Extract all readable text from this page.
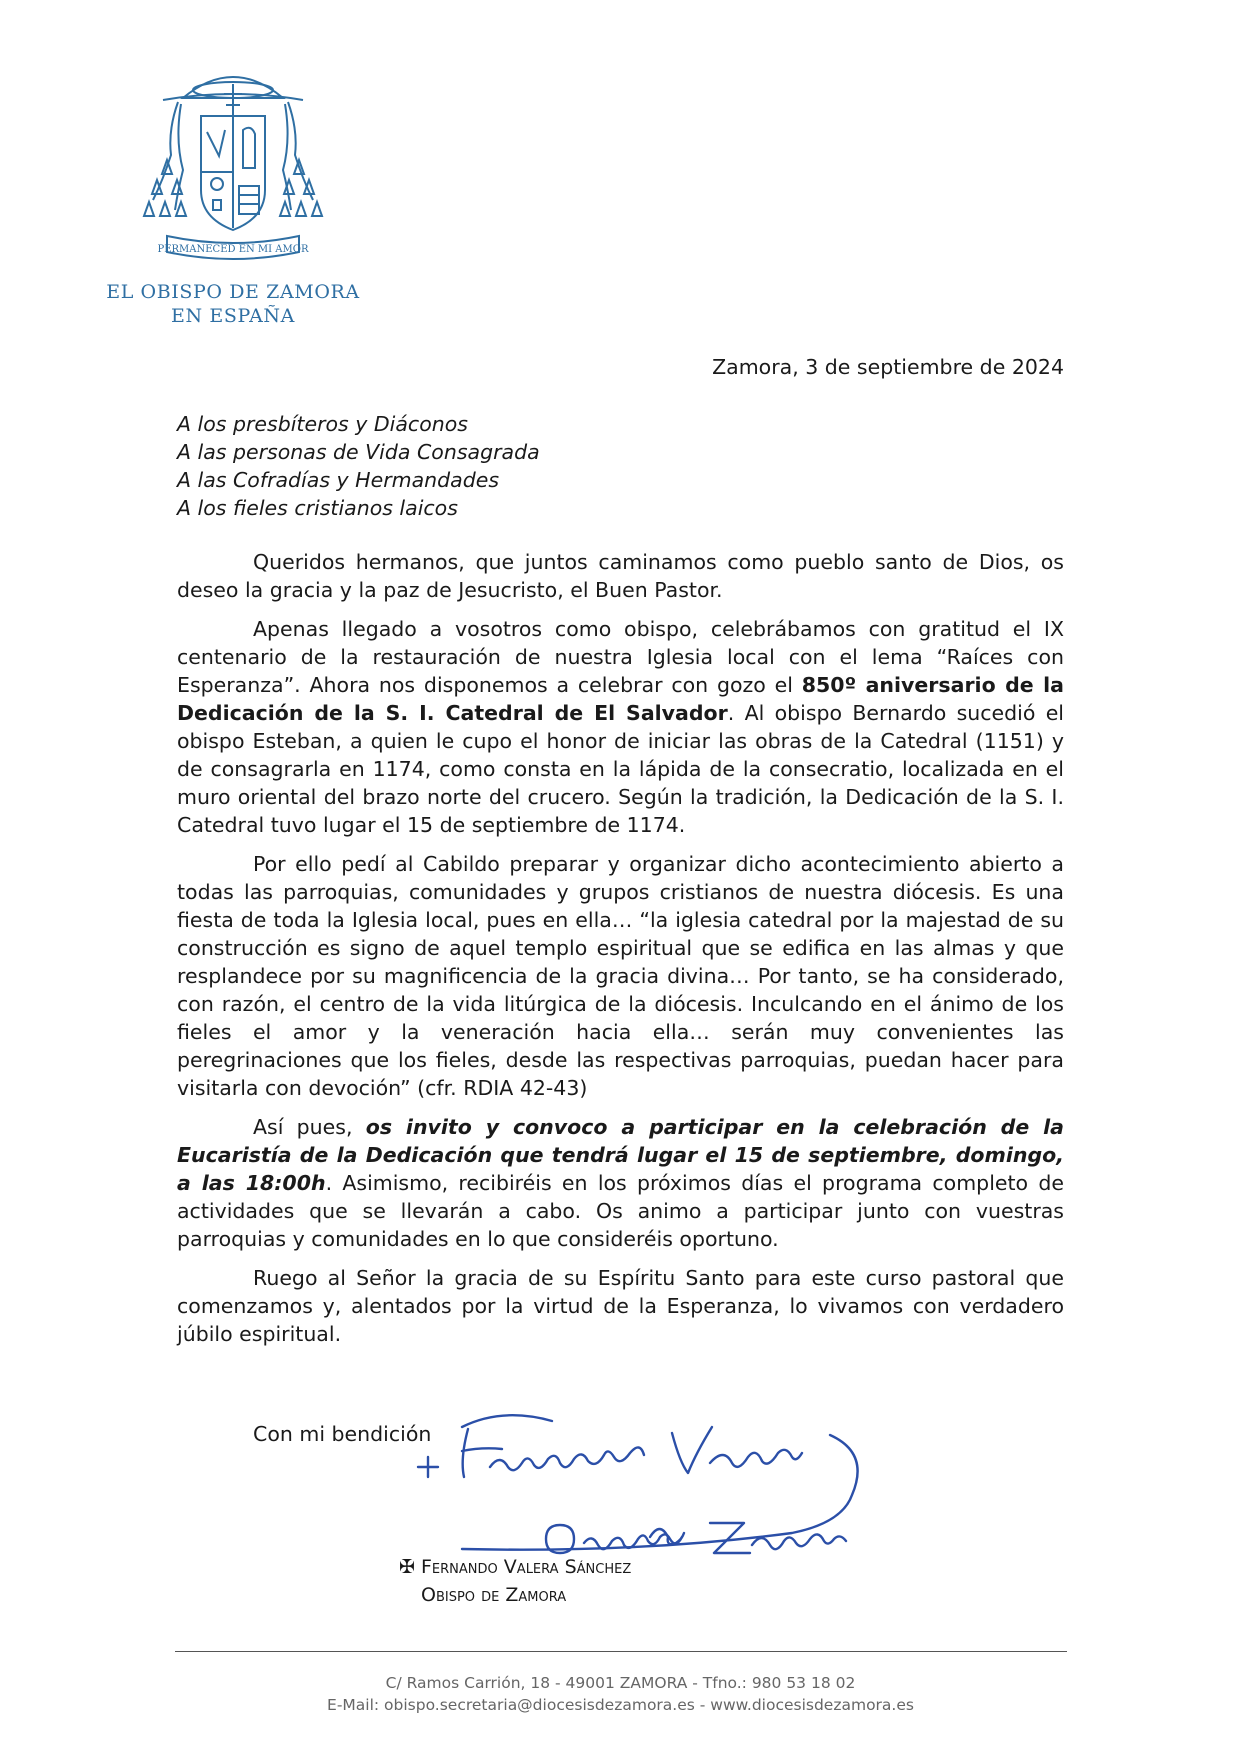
PERMANECED EN MI AMOR
EL OBISPO DE ZAMORA
EN ESPAÑA
Zamora, 3 de septiembre de 2024
A los presbíteros y Diáconos
A las personas de Vida Consagrada
A las Cofradías y Hermandades
A los fieles cristianos laicos

Queridos hermanos, que juntos caminamos como pueblo santo de Dios, os deseo la gracia y la paz de Jesucristo, el Buen Pastor.

Apenas llegado a vosotros como obispo, celebrábamos con gratitud el IX centenario de la restauración de nuestra Iglesia local con el lema “Raíces con Esperanza”. Ahora nos disponemos a celebrar con gozo el 850º aniversario de la Dedicación de la S. I. Catedral de El Salvador. Al obispo Bernardo sucedió el obispo Esteban, a quien le cupo el honor de iniciar las obras de la Catedral (1151) y de consagrarla en 1174, como consta en la lápida de la consecratio, localizada en el muro oriental del brazo norte del crucero. Según la tradición, la Dedicación de la S. I. Catedral tuvo lugar el 15 de septiembre de 1174.

Por ello pedí al Cabildo preparar y organizar dicho acontecimiento abierto a todas las parroquias, comunidades y grupos cristianos de nuestra diócesis. Es una fiesta de toda la Iglesia local, pues en ella… “la iglesia catedral por la majestad de su construcción es signo de aquel templo espiritual que se edifica en las almas y que resplandece por su magnificencia de la gracia divina… Por tanto, se ha considerado, con razón, el centro de la vida litúrgica de la diócesis. Inculcando en el ánimo de los fieles el amor y la veneración hacia ella… serán muy convenientes las peregrinaciones que los fieles, desde las respectivas parroquias, puedan hacer para visitarla con devoción” (cfr. RDIA 42-43)

Así pues, os invito y convoco a participar en la celebración de la Eucaristía de la Dedicación que tendrá lugar el 15 de septiembre, domingo, a las 18:00h. Asimismo, recibiréis en los próximos días el programa completo de actividades que se llevarán a cabo. Os animo a participar junto con vuestras parroquias y comunidades en lo que consideréis oportuno.

Ruego al Señor la gracia de su Espíritu Santo para este curso pastoral que comenzamos y, alentados por la virtud de la Esperanza, lo vivamos con verdadero júbilo espiritual.

Con mi bendición
✠ Fernando Valera Sánchez
Obispo de Zamora
C/ Ramos Carrión, 18 - 49001 ZAMORA - Tfno.: 980 53 18 02
E-Mail: obispo.secretaria@diocesisdezamora.es - www.diocesisdezamora.es
